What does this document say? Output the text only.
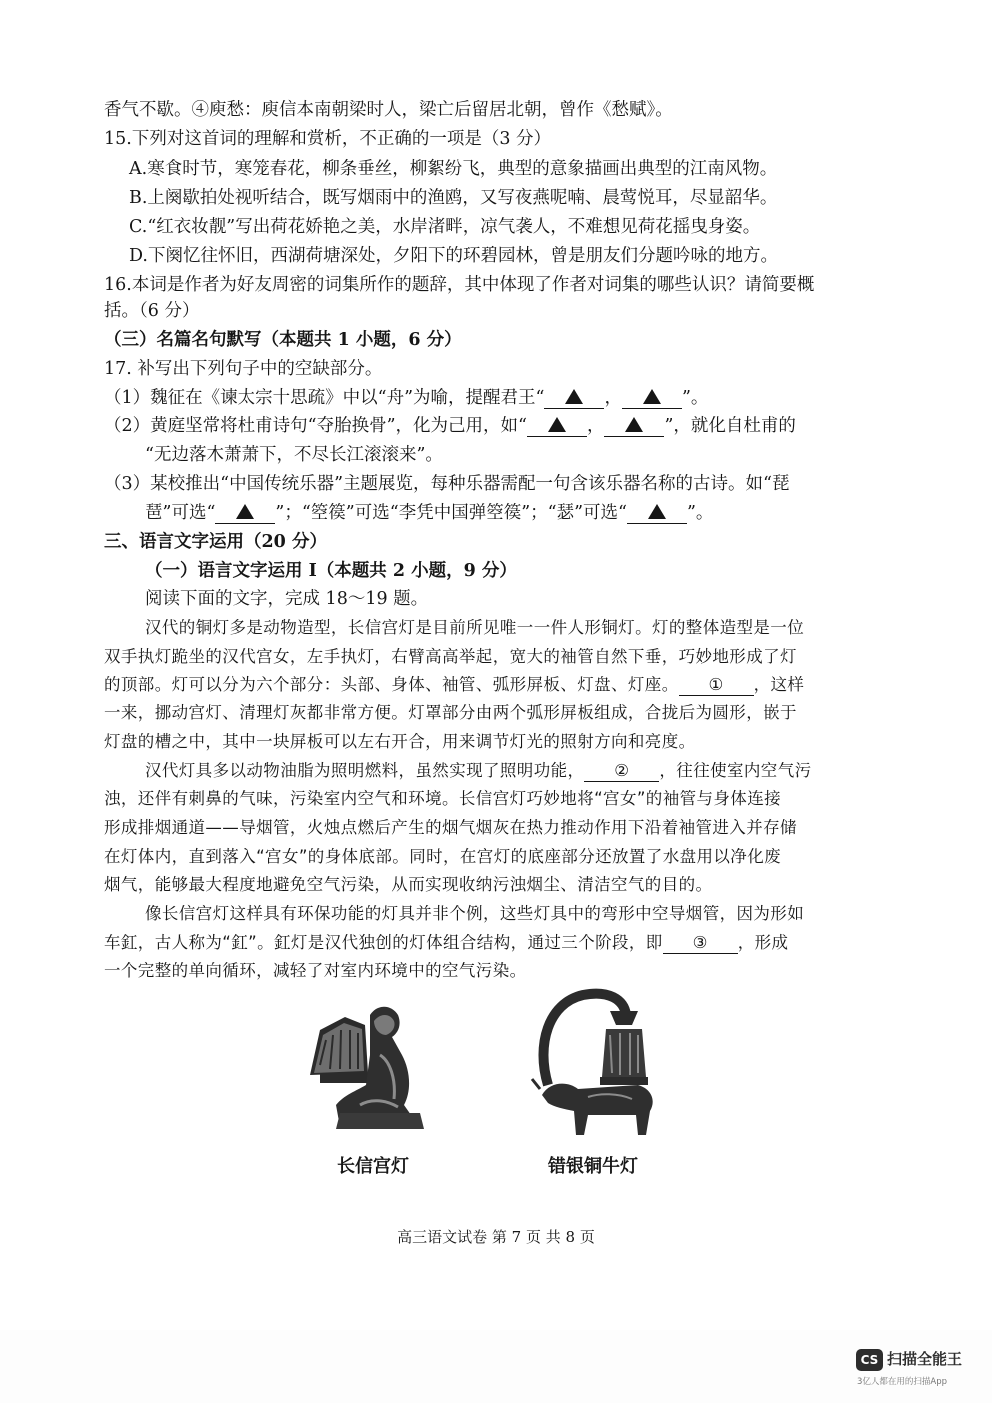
香气不歇。④庾愁：庾信本南朝梁时人，梁亡后留居北朝，曾作《愁赋》。
15.下列对这首词的理解和赏析，不正确的一项是（3 分）
A.寒食时节，寒笼春花，柳条垂丝，柳絮纷飞，典型的意象描画出典型的江南风物。
B.上阕歇拍处视听结合，既写烟雨中的渔鸥，又写夜燕呢喃、晨莺悦耳，尽显韶华。
C.“红衣妆靓”写出荷花娇艳之美，水岸渚畔，凉气袭人，不难想见荷花摇曳身姿。
D.下阕忆往怀旧，西湖荷塘深处，夕阳下的环碧园林，曾是朋友们分题吟咏的地方。
16.本词是作者为好友周密的词集所作的题辞，其中体现了作者对词集的哪些认识？请简要概
括。（6 分）
（三）名篇名句默写（本题共 1 小题，6 分）
17. 补写出下列句子中的空缺部分。
（1）魏征在《谏太宗十思疏》中以“舟”为喻，提醒君王“	，	”。
（2）黄庭坚常将杜甫诗句“夺胎换骨”，化为己用，如“	，	”，就化自杜甫的
“无边落木萧萧下，不尽长江滚滚来”。
（3）某校推出“中国传统乐器”主题展览，每种乐器需配一句含该乐器名称的古诗。如“琵
琶”可选“	”；“箜篌”可选“李凭中国弹箜篌”；“瑟”可选“	”。
三、语言文字运用（20 分）
（一）语言文字运用 Ⅰ（本题共 2 小题，9 分）
阅读下面的文字，完成 18～19 题。
汉代的铜灯多是动物造型，长信宫灯是目前所见唯一一件人形铜灯。灯的整体造型是一位
双手执灯跪坐的汉代宫女，左手执灯，右臂高高举起，宽大的袖管自然下垂，巧妙地形成了灯
的顶部。灯可以分为六个部分：头部、身体、袖管、弧形屏板、灯盘、灯座。 ① ，这样
一来，挪动宫灯、清理灯灰都非常方便。灯罩部分由两个弧形屏板组成，合拢后为圆形，嵌于
灯盘的槽之中，其中一块屏板可以左右开合，用来调节灯光的照射方向和亮度。
汉代灯具多以动物油脂为照明燃料，虽然实现了照明功能， ② ，往往使室内空气污
浊，还伴有刺鼻的气味，污染室内空气和环境。长信宫灯巧妙地将“宫女”的袖管与身体连接
形成排烟通道——导烟管，火烛点燃后产生的烟气烟灰在热力推动作用下沿着袖管进入并存储
在灯体内，直到落入“宫女”的身体底部。同时，在宫灯的底座部分还放置了水盘用以净化废
烟气，能够最大程度地避免空气污染，从而实现收纳污浊烟尘、清洁空气的目的。
像长信宫灯这样具有环保功能的灯具并非个例，这些灯具中的弯形中空导烟管，因为形如
车釭，古人称为“釭”。釭灯是汉代独创的灯体组合结构，通过三个阶段，即 ③ ，形成
一个完整的单向循环，减轻了对室内环境中的空气污染。
长信宫灯	错银铜牛灯
高三语文试卷 第 7 页 共 8 页
CS 扫描全能王
3亿人都在用的扫描App
